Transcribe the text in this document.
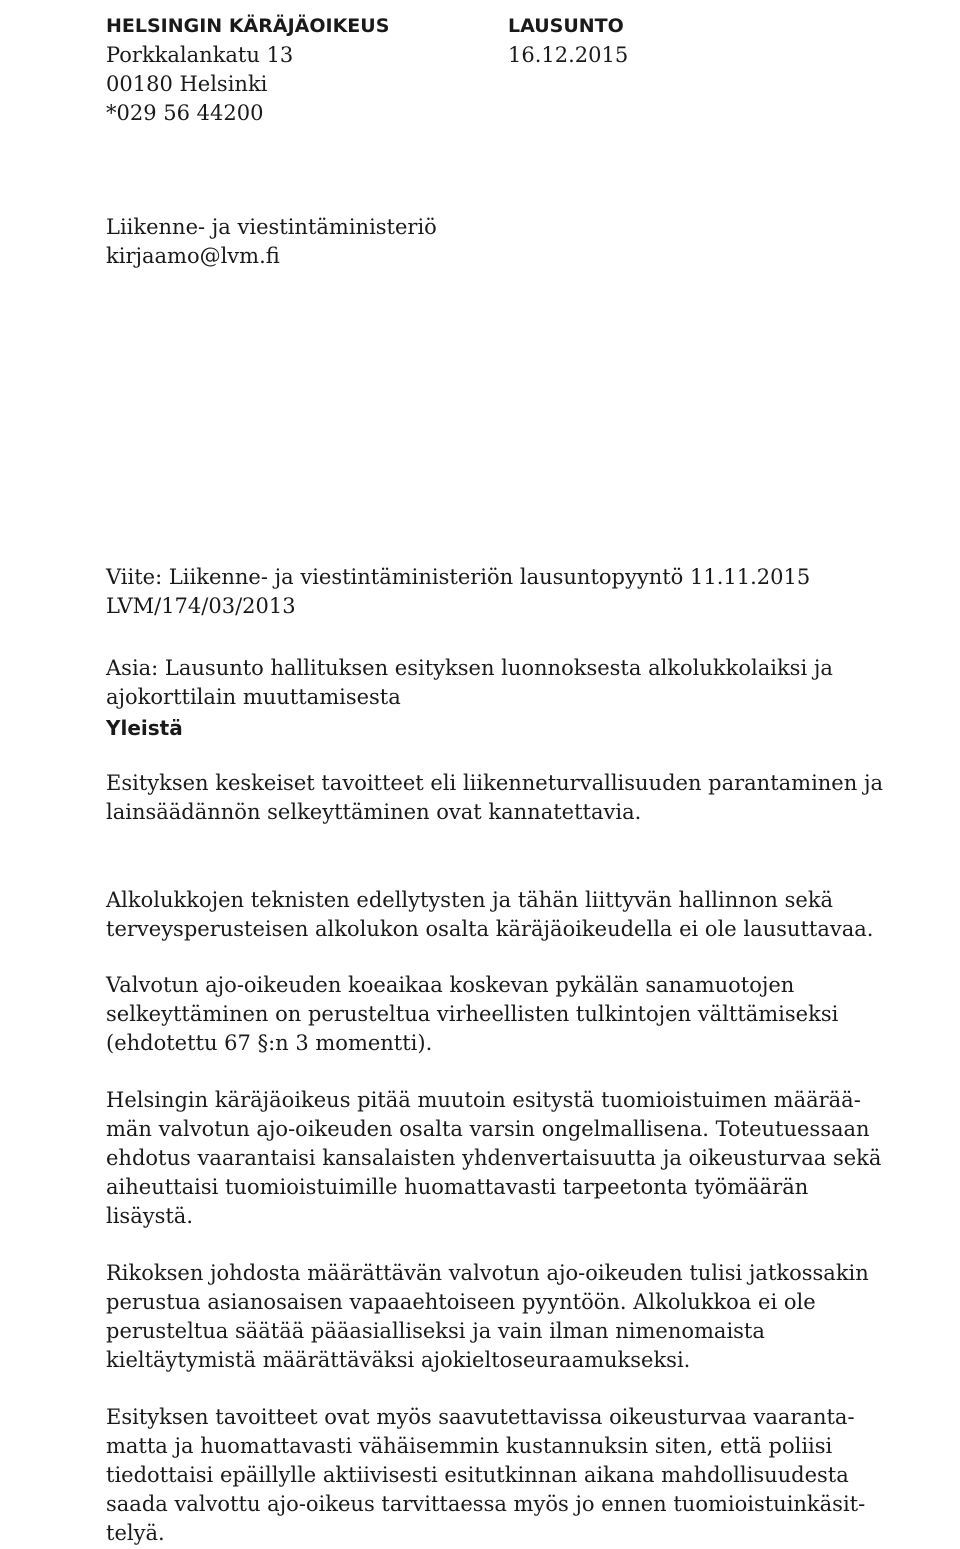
HELSINGIN KÄRÄJÄOIKEUS
Porkkalankatu 13
00180 Helsinki
*029 56 44200
LAUSUNTO
16.12.2015
Liikenne- ja viestintäministeriö
kirjaamo@lvm.fi
Viite: Liikenne- ja viestintäministeriön lausuntopyyntö 11.11.2015
LVM/174/03/2013
Asia: Lausunto hallituksen esityksen luonnoksesta alkolukkolaiksi ja
ajokorttilain muuttamisesta
Yleistä
Esityksen keskeiset tavoitteet eli liikenneturvallisuuden parantaminen ja
lainsäädännön selkeyttäminen ovat kannatettavia.
Alkolukkojen teknisten edellytysten ja tähän liittyvän hallinnon sekä
terveysperusteisen alkolukon osalta käräjäoikeudella ei ole lausuttavaa.
Valvotun ajo-oikeuden koeaikaa koskevan pykälän sanamuotojen
selkeyttäminen on perusteltua virheellisten tulkintojen välttämiseksi
(ehdotettu 67 §:n 3 momentti).
Helsingin käräjäoikeus pitää muutoin esitystä tuomioistuimen määrää-
män valvotun ajo-oikeuden osalta varsin ongelmallisena. Toteutuessaan
ehdotus vaarantaisi kansalaisten yhdenvertaisuutta ja oikeusturvaa sekä
aiheuttaisi tuomioistuimille huomattavasti tarpeetonta työmäärän
lisäystä.
Rikoksen johdosta määrättävän valvotun ajo-oikeuden tulisi jatkossakin
perustua asianosaisen vapaaehtoiseen pyyntöön. Alkolukkoa ei ole
perusteltua säätää pääasialliseksi ja vain ilman nimenomaista
kieltäytymistä määrättäväksi ajokieltoseuraamukseksi.
Esityksen tavoitteet ovat myös saavutettavissa oikeusturvaa vaaranta-
matta ja huomattavasti vähäisemmin kustannuksin siten, että poliisi
tiedottaisi epäillylle aktiivisesti esitutkinnan aikana mahdollisuudesta
saada valvottu ajo-oikeus tarvittaessa myös jo ennen tuomioistuinkäsit-
telyä.
